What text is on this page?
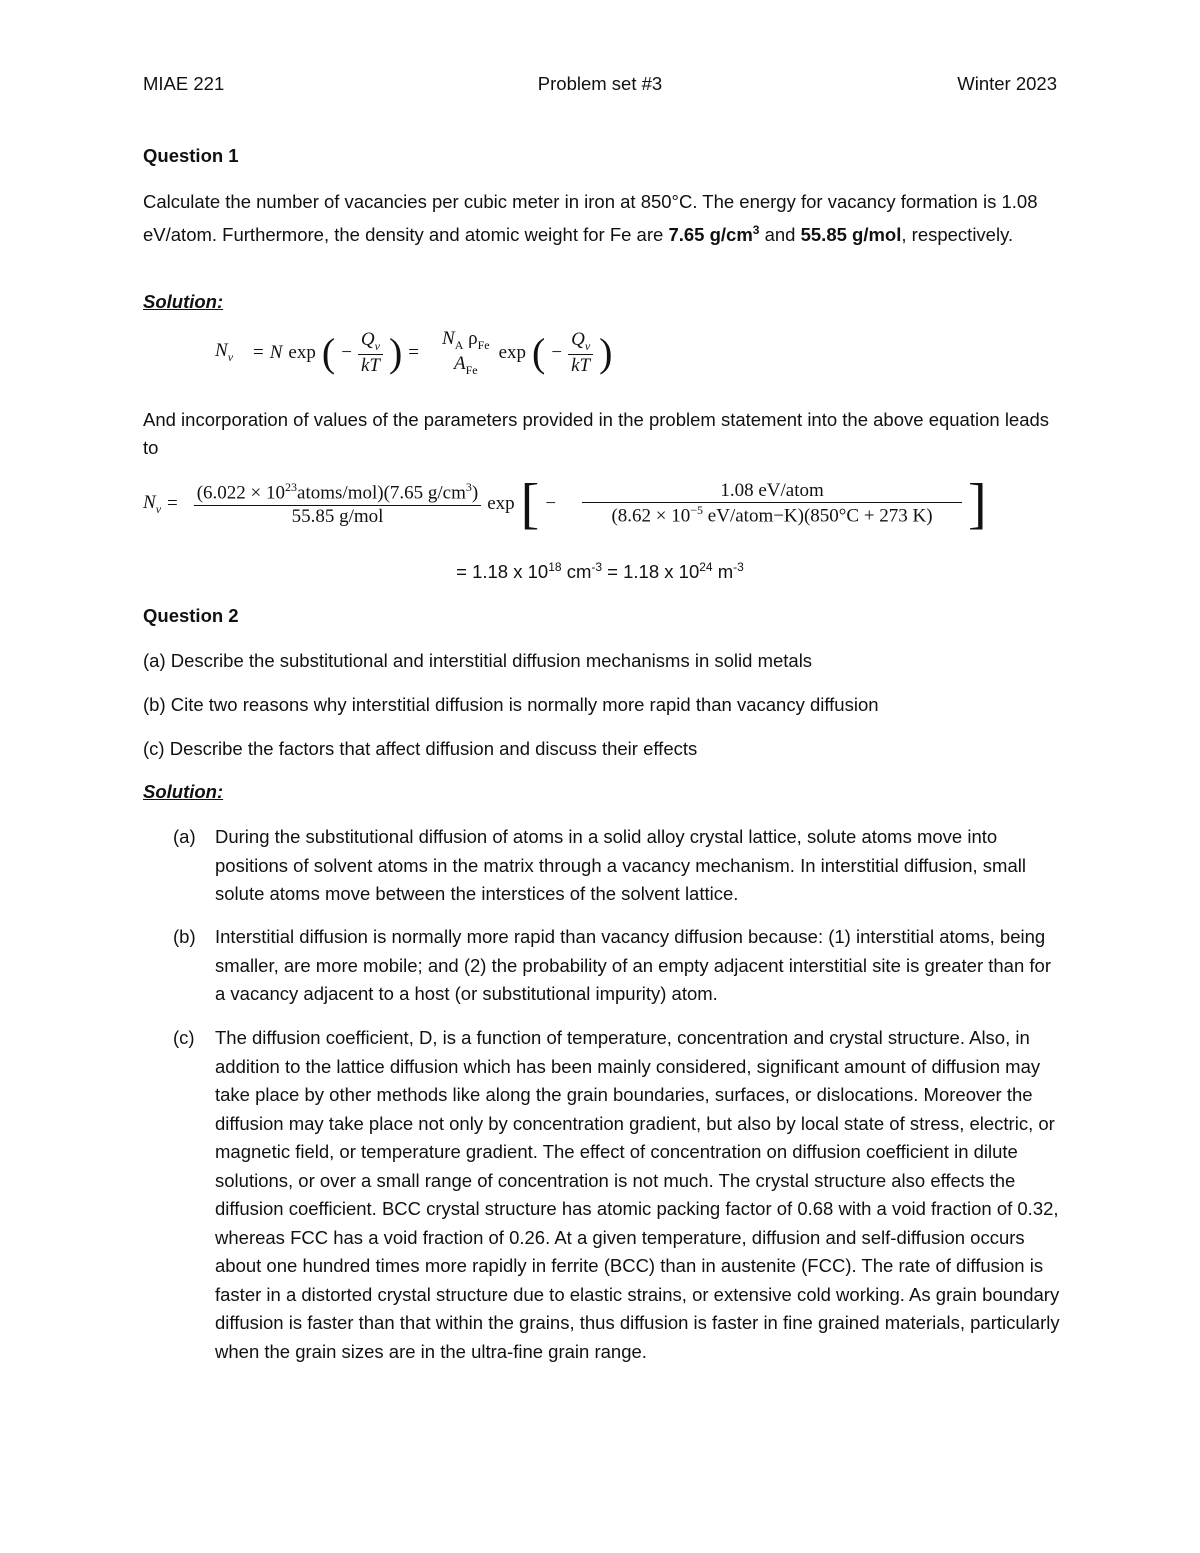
MIAE 221	Problem set #3	Winter 2023
Question 1
Calculate the number of vacancies per cubic meter in iron at 850°C. The energy for vacancy formation is 1.08 eV/atom. Furthermore, the density and atomic weight for Fe are 7.65 $g/cm^3$ and 55.85 g/mol, respectively.
Solution:
$N_v = N$ exp ( − $\frac{Q_v}{kT}$ ) =
$N_A$ $\rho_{Fe}$
$A_{Fe}$
exp ( − $\frac{Q_v}{kT}$ )
And incorporation of values of the parameters provided in the problem statement into the above equation leads to
$N_v = \frac{(6.022 \times 10^{23}atoms/mol)(7.65 g/cm^3)}{\text{55.85 g/mol}}$ exp [ − $\frac{\text{1.08 eV/atom}}{(8.62 \times 10^{-5} eV/atom-K)(850^\circ C + 273 K)}$ ]
= 1.18 x $10^{18}$ $cm^{-3} = 1.18$ x $10^{24}$ $m^{-3}$
Question 2
(a) Describe the substitutional and interstitial diffusion mechanisms in solid metals
(b) Cite two reasons why interstitial diffusion is normally more rapid than vacancy diffusion
(c) Describe the factors that affect diffusion and discuss their effects
Solution:
(a)	During the substitutional diffusion of atoms in a solid alloy crystal lattice, solute atoms move into positions of solvent atoms in the matrix through a vacancy mechanism. In interstitial diffusion, small solute atoms move between the interstices of the solvent lattice.
(b)	Interstitial diffusion is normally more rapid than vacancy diffusion because: (1) interstitial atoms, being smaller, are more mobile; and (2) the probability of an empty adjacent interstitial site is greater than for a vacancy adjacent to a host (or substitutional impurity) atom.
(c)	The diffusion coefficient, D, is a function of temperature, concentration and crystal structure. Also, in addition to the lattice diffusion which has been mainly considered, significant amount of diffusion may take place by other methods like along the grain boundaries, surfaces, or dislocations. Moreover the diffusion may take place not only by concentration gradient, but also by local state of stress, electric, or magnetic field, or temperature gradient. The effect of concentration on diffusion coefficient in dilute solutions, or over a small range of concentration is not much. The crystal structure also effects the diffusion coefficient. BCC crystal structure has atomic packing factor of 0.68 with a void fraction of 0.32, whereas FCC has a void fraction of 0.26. At a given temperature, diffusion and self-diffusion occurs about one hundred times more rapidly in ferrite (BCC) than in austenite (FCC). The rate of diffusion is faster in a distorted crystal structure due to elastic strains, or extensive cold working. As grain boundary diffusion is faster than that within the grains, thus diffusion is faster in fine grained materials, particularly when the grain sizes are in the ultra-fine grain range.
